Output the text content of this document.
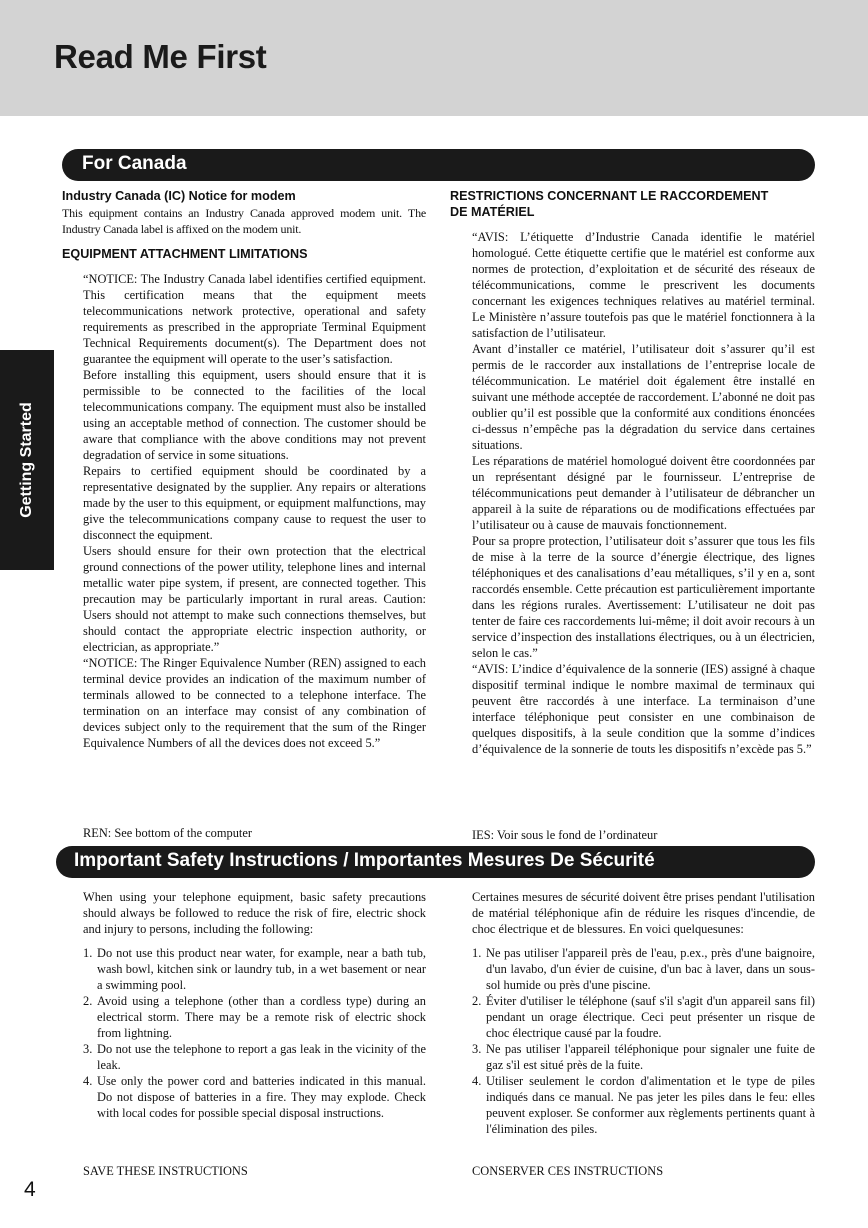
Read Me First
Getting Started
For Canada
Industry Canada (IC) Notice for modem

This equipment contains an Industry Canada approved modem unit. The Industry Canada label is affixed on the modem unit.

EQUIPMENT ATTACHMENT LIMITATIONS

“NOTICE: The Industry Canada label identifies certified equipment. This certification means that the equipment meets telecommunications network protective, operational and safety requirements as prescribed in the appropriate Terminal Equipment Technical Requirements document(s). The Department does not guarantee the equipment will operate to the user’s satisfaction.

Before installing this equipment, users should ensure that it is permissible to be connected to the facilities of the local telecommunications company. The equipment must also be installed using an acceptable method of connection. The customer should be aware that compliance with the above conditions may not prevent degradation of service in some situations.

Repairs to certified equipment should be coordinated by a representative designated by the supplier. Any repairs or alterations made by the user to this equipment, or equipment malfunctions, may give the telecommunications company cause to request the user to disconnect the equipment.

Users should ensure for their own protection that the electrical ground connections of the power utility, telephone lines and internal metallic water pipe system, if present, are connected together. This precaution may be particularly important in rural areas. Caution: Users should not attempt to make such connections themselves, but should contact the appropriate electric inspection authority, or electrician, as appropriate.”

“NOTICE: The Ringer Equivalence Number (REN) assigned to each terminal device provides an indication of the maximum number of terminals allowed to be connected to a telephone interface. The termination on an interface may consist of any combination of devices subject only to the requirement that the sum of the Ringer Equivalence Numbers of all the devices does not exceed 5.”

REN: See bottom of the computer

RESTRICTIONS CONCERNANT LE RACCORDEMENT
DE MATÉRIEL

“AVIS: L’étiquette d’Industrie Canada identifie le matériel homologué. Cette étiquette certifie que le matériel est conforme aux normes de protection, d’exploitation et de sécurité des réseaux de télécommunications, comme le prescrivent les documents concernant les exigences techniques relatives au matériel terminal. Le Ministère n’assure toutefois pas que le matériel fonctionnera à la satisfaction de l’utilisateur.

Avant d’installer ce matériel, l’utilisateur doit s’assurer qu’il est permis de le raccorder aux installations de l’entreprise locale de télécommunication. Le matériel doit également être installé en suivant une méthode acceptée de raccordement. L’abonné ne doit pas oublier qu’il est possible que la conformité aux conditions énoncées ci-dessus n’empêche pas la dégradation du service dans certaines situations.

Les réparations de matériel homologué doivent être coordonnées par un représentant désigné par le fournisseur. L’entreprise de télécommunications peut demander à l’utilisateur de débrancher un appareil à la suite de réparations ou de modifications effectuées par l’utilisateur ou à cause de mauvais fonctionnement.

Pour sa propre protection, l’utilisateur doit s’assurer que tous les fils de mise à la terre de la source d’énergie électrique, des lignes téléphoniques et des canalisations d’eau métalliques, s’il y en a, sont raccordés ensemble. Cette précaution est particulièrement importante dans les régions rurales. Avertissement: L’utilisateur ne doit pas tenter de faire ces raccordements lui-même; il doit avoir recours à un service d’inspection des installations électriques, ou à un électricien, selon le cas.”

“AVIS: L’indice d’équivalence de la sonnerie (IES) assigné à chaque dispositif terminal indique le nombre maximal de terminaux qui peuvent être raccordés à une interface. La terminaison d’une interface téléphonique peut consister en une combinaison de quelques dispositifs, à la seule condition que la somme d’indices d’équivalence de la sonnerie de touts les dispositifs n’excède pas 5.”

IES: Voir sous le fond de l’ordinateur

Important Safety Instructions / Importantes Mesures De Sécurité

When using your telephone equipment, basic safety precautions should always be followed to reduce the risk of fire, electric shock and injury to persons, including the following:

1. Do not use this product near water, for example, near a bath tub, wash bowl, kitchen sink or laundry tub, in a wet basement or near a swimming pool.
2. Avoid using a telephone (other than a cordless type) during an electrical storm. There may be a remote risk of electric shock from lightning.
3. Do not use the telephone to report a gas leak in the vicinity of the leak.
4. Use only the power cord and batteries indicated in this manual. Do not dispose of batteries in a fire. They may explode. Check with local codes for possible special disposal instructions.

SAVE THESE INSTRUCTIONS

Certaines mesures de sécurité doivent être prises pendant l'utilisation de matérial téléphonique afin de réduire les risques d'incendie, de choc électrique et de blessures. En voici quelquesunes:

1. Ne pas utiliser l'appareil près de l'eau, p.ex., près d'une baignoire, d'un lavabo, d'un évier de cuisine, d'un bac à laver, dans un sous-sol humide ou près d'une piscine.
2. Éviter d'utiliser le téléphone (sauf s'il s'agit d'un appareil sans fil) pendant un orage électrique. Ceci peut présenter un risque de choc électrique causé par la foudre.
3. Ne pas utiliser l'appareil téléphonique pour signaler une fuite de gaz s'il est situé près de la fuite.
4. Utiliser seulement le cordon d'alimentation et le type de piles indiqués dans ce manual. Ne pas jeter les piles dans le feu: elles peuvent exploser. Se conformer aux règlements pertinents quant à l'élimination des piles.

CONSERVER CES INSTRUCTIONS

4
